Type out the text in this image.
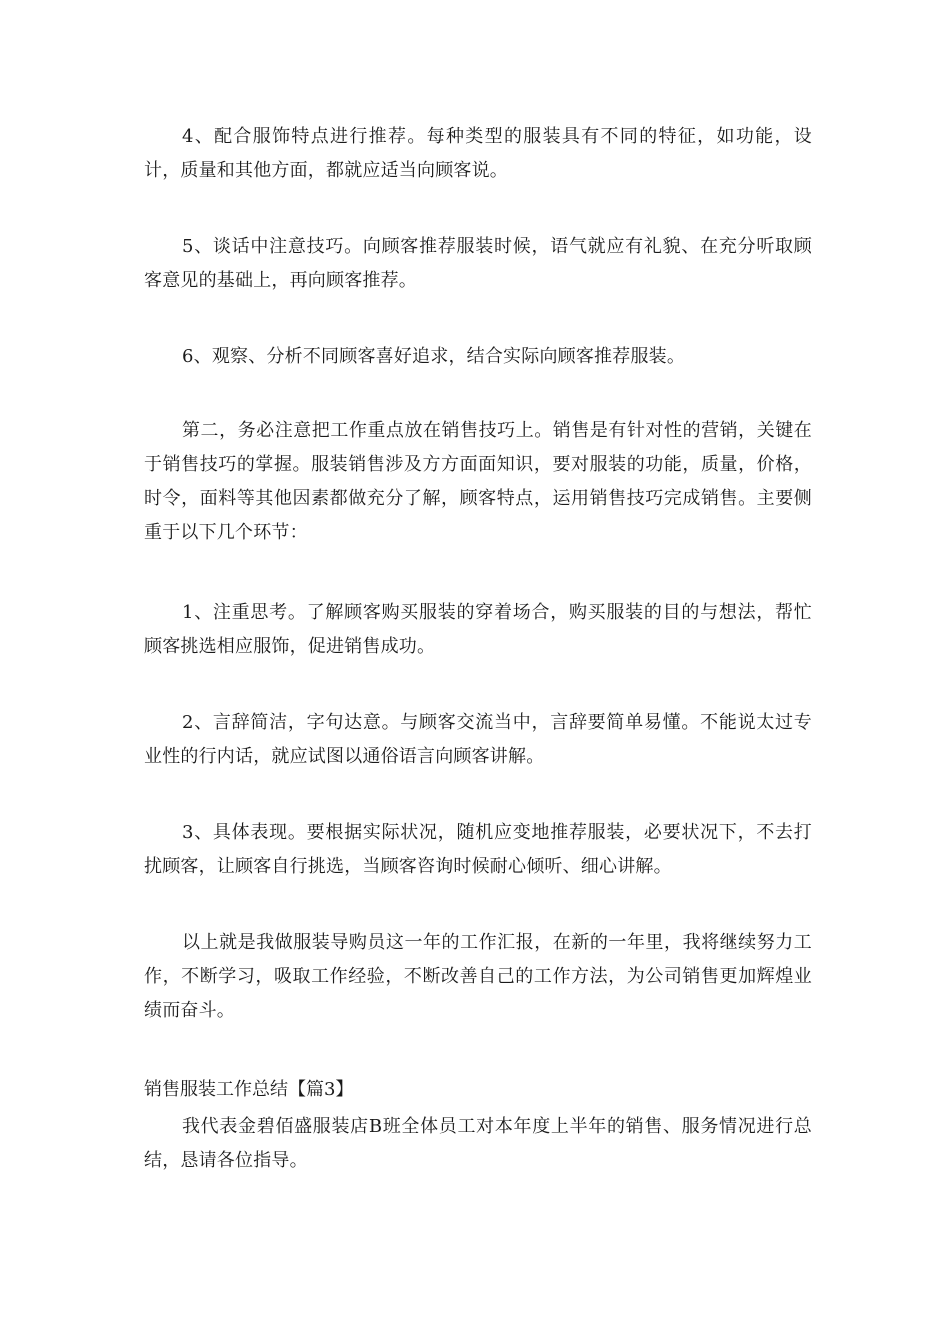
4、配合服饰特点进行推荐。每种类型的服装具有不同的特征，如功能，设计，质量和其他方面，都就应适当向顾客说。

5、谈话中注意技巧。向顾客推荐服装时候，语气就应有礼貌、在充分听取顾客意见的基础上，再向顾客推荐。

6、观察、分析不同顾客喜好追求，结合实际向顾客推荐服装。

第二，务必注意把工作重点放在销售技巧上。销售是有针对性的营销，关键在于销售技巧的掌握。服装销售涉及方方面面知识，要对服装的功能，质量，价格，时令，面料等其他因素都做充分了解，顾客特点，运用销售技巧完成销售。主要侧重于以下几个环节：

1、注重思考。了解顾客购买服装的穿着场合，购买服装的目的与想法，帮忙顾客挑选相应服饰，促进销售成功。

2、言辞简洁，字句达意。与顾客交流当中，言辞要简单易懂。不能说太过专业性的行内话，就应试图以通俗语言向顾客讲解。

3、具体表现。要根据实际状况，随机应变地推荐服装，必要状况下，不去打扰顾客，让顾客自行挑选，当顾客咨询时候耐心倾听、细心讲解。

以上就是我做服装导购员这一年的工作汇报，在新的一年里，我将继续努力工作，不断学习，吸取工作经验，不断改善自己的工作方法，为公司销售更加辉煌业绩而奋斗。

销售服装工作总结【篇3】

我代表金碧佰盛服装店B班全体员工对本年度上半年的销售、服务情况进行总结，恳请各位指导。
